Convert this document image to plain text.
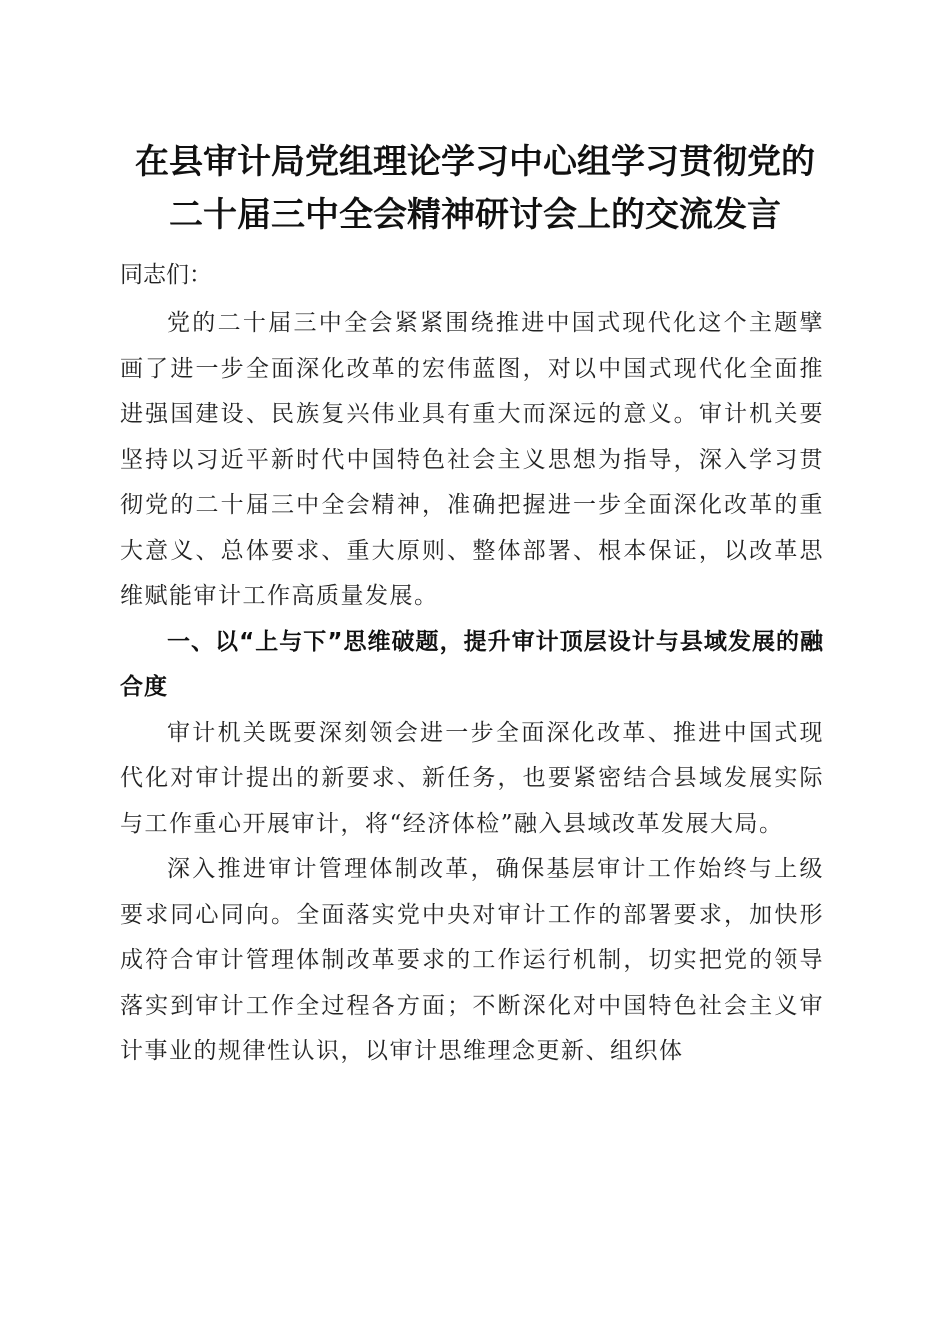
在县审计局党组理论学习中心组学习贯彻党的
二十届三中全会精神研讨会上的交流发言

同志们：

党的二十届三中全会紧紧围绕推进中国式现代化这个主题擘画了进一步全面深化改革的宏伟蓝图，对以中国式现代化全面推进强国建设、民族复兴伟业具有重大而深远的意义。审计机关要坚持以习近平新时代中国特色社会主义思想为指导，深入学习贯彻党的二十届三中全会精神，准确把握进一步全面深化改革的重大意义、总体要求、重大原则、整体部署、根本保证，以改革思维赋能审计工作高质量发展。

一、以“上与下”思维破题，提升审计顶层设计与县域发展的融合度

审计机关既要深刻领会进一步全面深化改革、推进中国式现代化对审计提出的新要求、新任务，也要紧密结合县域发展实际与工作重心开展审计，将“经济体检”融入县域改革发展大局。

深入推进审计管理体制改革，确保基层审计工作始终与上级要求同心同向。全面落实党中央对审计工作的部署要求，加快形成符合审计管理体制改革要求的工作运行机制，切实把党的领导落实到审计工作全过程各方面；不断深化对中国特色社会主义审计事业的规律性认识，以审计思维理念更新、组织体
